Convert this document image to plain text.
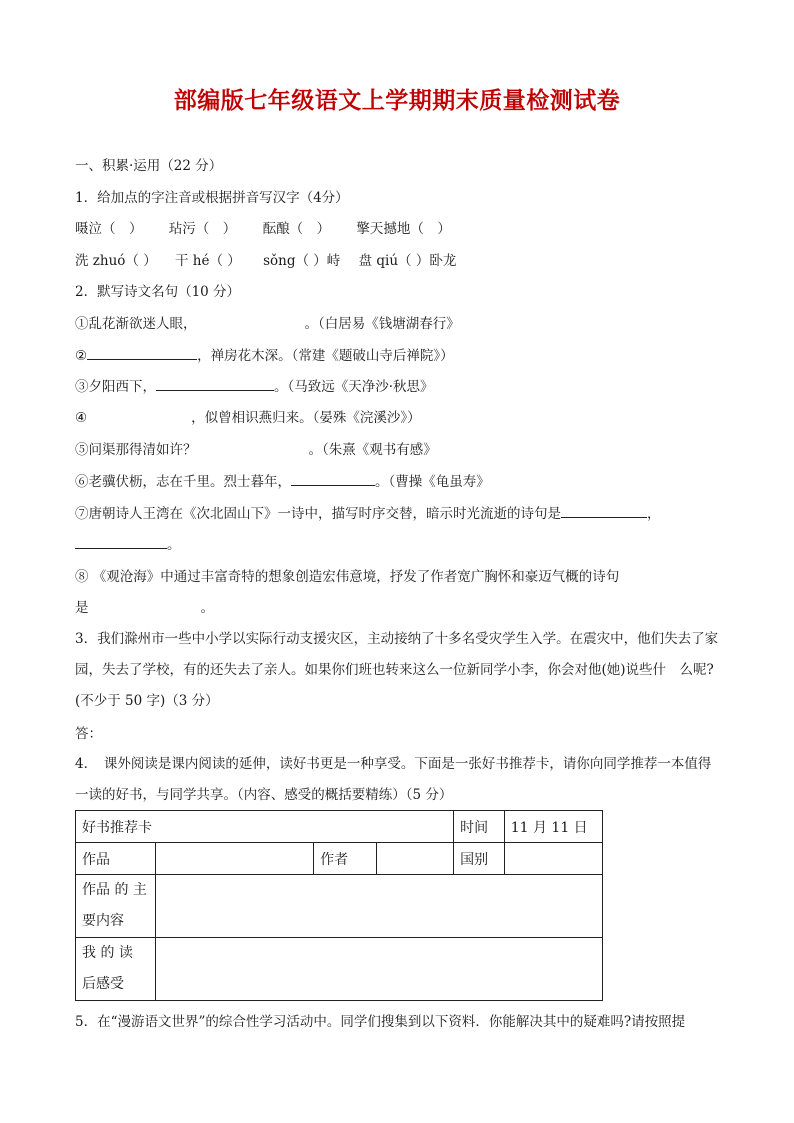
部编版七年级语文上学期期末质量检测试卷
一、积累·运用（22 分）
1．给加点的字注音或根据拼音写汉字（4分）
嗫泣（　） 玷污（　） 酝酿（　） 擎天撼地（　）
洗 zhuó（ ） 干 hé（ ） sǒng（ ）峙 盘 qiú（ ）卧龙
2．默写诗文名句（10 分）
①乱花渐欲迷人眼，	。（白居易《钱塘湖春行》
②	，禅房花木深。（常建《题破山寺后禅院》）
③夕阳西下，	。（马致远《天净沙·秋思》
④	，似曾相识燕归来。（晏殊《浣溪沙》）
⑤问渠那得清如许？	。（朱熹《观书有感》
⑥老骥伏枥，志在千里。烈士暮年，	。（曹操《龟虽寿》
⑦唐朝诗人王湾在《次北固山下》一诗中，描写时序交替，暗示时光流逝的诗句是	，
。
⑧ 《观沧海》中通过丰富奇特的想象创造宏伟意境，抒发了作者宽广胸怀和豪迈气概的诗句
是	。
3．我们滁州市一些中小学以实际行动支援灾区，主动接纳了十多名受灾学生入学。在震灾中，他们失去了家园，失去了学校，有的还失去了亲人。如果你们班也转来这么一位新同学小李，你会对他(她)说些什　么呢?(不少于 50 字)（3 分）
答：
4．　课外阅读是课内阅读的延伸，读好书更是一种享受。下面是一张好书推荐卡，请你向同学推荐一本值得一读的好书，与同学共享。（内容、感受的概括要精练）（5 分）
好书推荐卡				时间	11 月 11 日
作品		作者		国别	
作品 的 主要内容					
我 的 读 后感受					
5．在“漫游语文世界”的综合性学习活动中。同学们搜集到以下资料．你能解决其中的疑难吗?请按照提
